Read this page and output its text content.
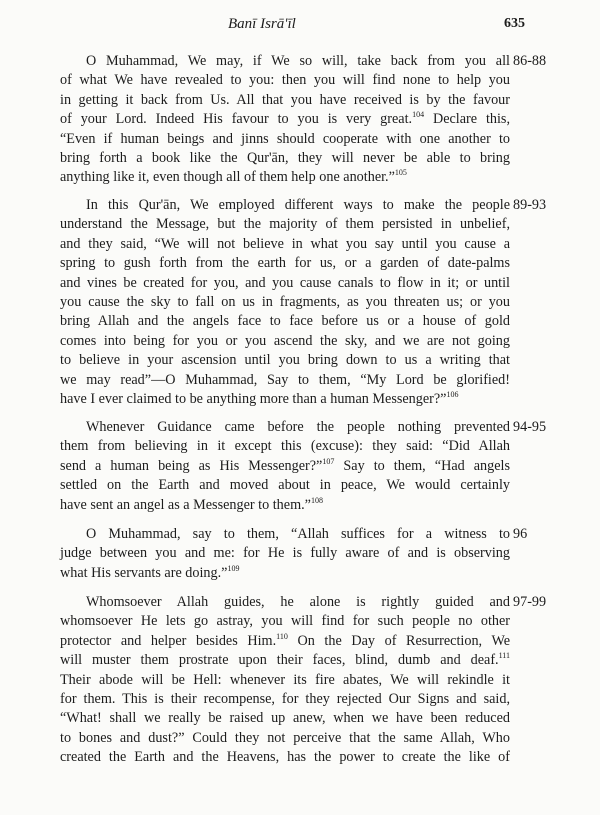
Banī Isrā'īl	635
O Muhammad, We may, if We so will, take back from you all
of what We have revealed to you: then you will find none to help you
in getting it back from Us. All that you have received is by the favour
of your Lord. Indeed His favour to you is very great.$^{104}$ Declare this,
“Even if human beings and jinns should cooperate with one another to
bring forth a book like the Qur'ān, they will never be able to bring
anything like it, even though all of them help one another.”$^{105}$
86-88
In this Qur'ān, We employed different ways to make the people
understand the Message, but the majority of them persisted in unbelief,
and they said, “We will not believe in what you say until you cause a
spring to gush forth from the earth for us, or a garden of date-palms
and vines be created for you, and you cause canals to flow in it; or until
you cause the sky to fall on us in fragments, as you threaten us; or you
bring Allah and the angels face to face before us or a house of gold
comes into being for you or you ascend the sky, and we are not going
to believe in your ascension until you bring down to us a writing that
we may read”—O Muhammad, Say to them, “My Lord be glorified!
have I ever claimed to be anything more than a human Messenger?”$^{106}$
89-93
Whenever Guidance came before the people nothing prevented
them from believing in it except this (excuse): they said: “Did Allah
send a human being as His Messenger?”$^{107}$ Say to them, “Had angels
settled on the Earth and moved about in peace, We would certainly
have sent an angel as a Messenger to them.”$^{108}$
94-95
O Muhammad, say to them, “Allah suffices for a witness to
judge between you and me: for He is fully aware of and is observing
what His servants are doing.”$^{109}$
96
Whomsoever Allah guides, he alone is rightly guided and
whomsoever He lets go astray, you will find for such people no other
protector and helper besides Him.$^{110}$ On the Day of Resurrection, We
will muster them prostrate upon their faces, blind, dumb and deaf.$^{111}$
Their abode will be Hell: whenever its fire abates, We will rekindle it
for them. This is their recompense, for they rejected Our Signs and said,
“What! shall we really be raised up anew, when we have been reduced
to bones and dust?” Could they not perceive that the same Allah, Who
created the Earth and the Heavens, has the power to create the like of
97-99
